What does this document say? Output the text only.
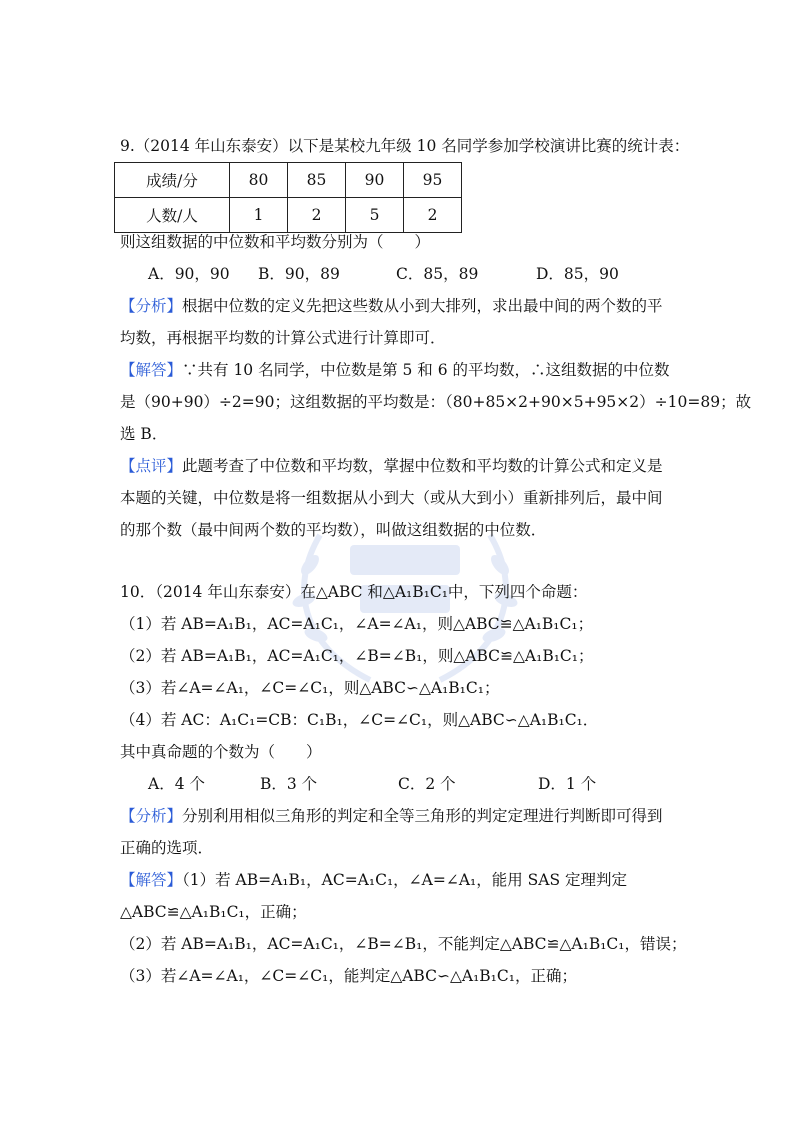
9.（2014 年山东泰安）以下是某校九年级 10 名同学参加学校演讲比赛的统计表：
成绩/分	80	85	90	95
人数/人	1	2	5	2
则这组数据的中位数和平均数分别为（　　）
A．90，90 B．90，89	C．85，89	D．85，90
【分析】根据中位数的定义先把这些数从小到大排列，求出最中间的两个数的平
均数，再根据平均数的计算公式进行计算即可．
【解答】∵共有 10 名同学，中位数是第 5 和 6 的平均数，∴这组数据的中位数
是（90+90）÷2=90；这组数据的平均数是：（80+85×2+90×5+95×2）÷10=89；故
选 B．
【点评】此题考查了中位数和平均数，掌握中位数和平均数的计算公式和定义是
本题的关键，中位数是将一组数据从小到大（或从大到小）重新排列后，最中间
的那个数（最中间两个数的平均数），叫做这组数据的中位数．
10．（2014 年山东泰安）在△ABC 和△A₁B₁C₁中，下列四个命题：
（1）若 AB=A₁B₁，AC=A₁C₁，∠A=∠A₁，则△ABC≌△A₁B₁C₁；
（2）若 AB=A₁B₁，AC=A₁C₁，∠B=∠B₁，则△ABC≌△A₁B₁C₁；
（3）若∠A=∠A₁，∠C=∠C₁，则△ABC∽△A₁B₁C₁；
（4）若 AC：A₁C₁=CB：C₁B₁，∠C=∠C₁，则△ABC∽△A₁B₁C₁．
其中真命题的个数为（　　）
A．4 个	B．3 个	C．2 个	D．1 个
【分析】分别利用相似三角形的判定和全等三角形的判定定理进行判断即可得到
正确的选项．
【解答】（1）若 AB=A₁B₁，AC=A₁C₁，∠A=∠A₁，能用 SAS 定理判定
△ABC≌△A₁B₁C₁，正确；
（2）若 AB=A₁B₁，AC=A₁C₁，∠B=∠B₁，不能判定△ABC≌△A₁B₁C₁，错误；
（3）若∠A=∠A₁，∠C=∠C₁，能判定△ABC∽△A₁B₁C₁，正确；
